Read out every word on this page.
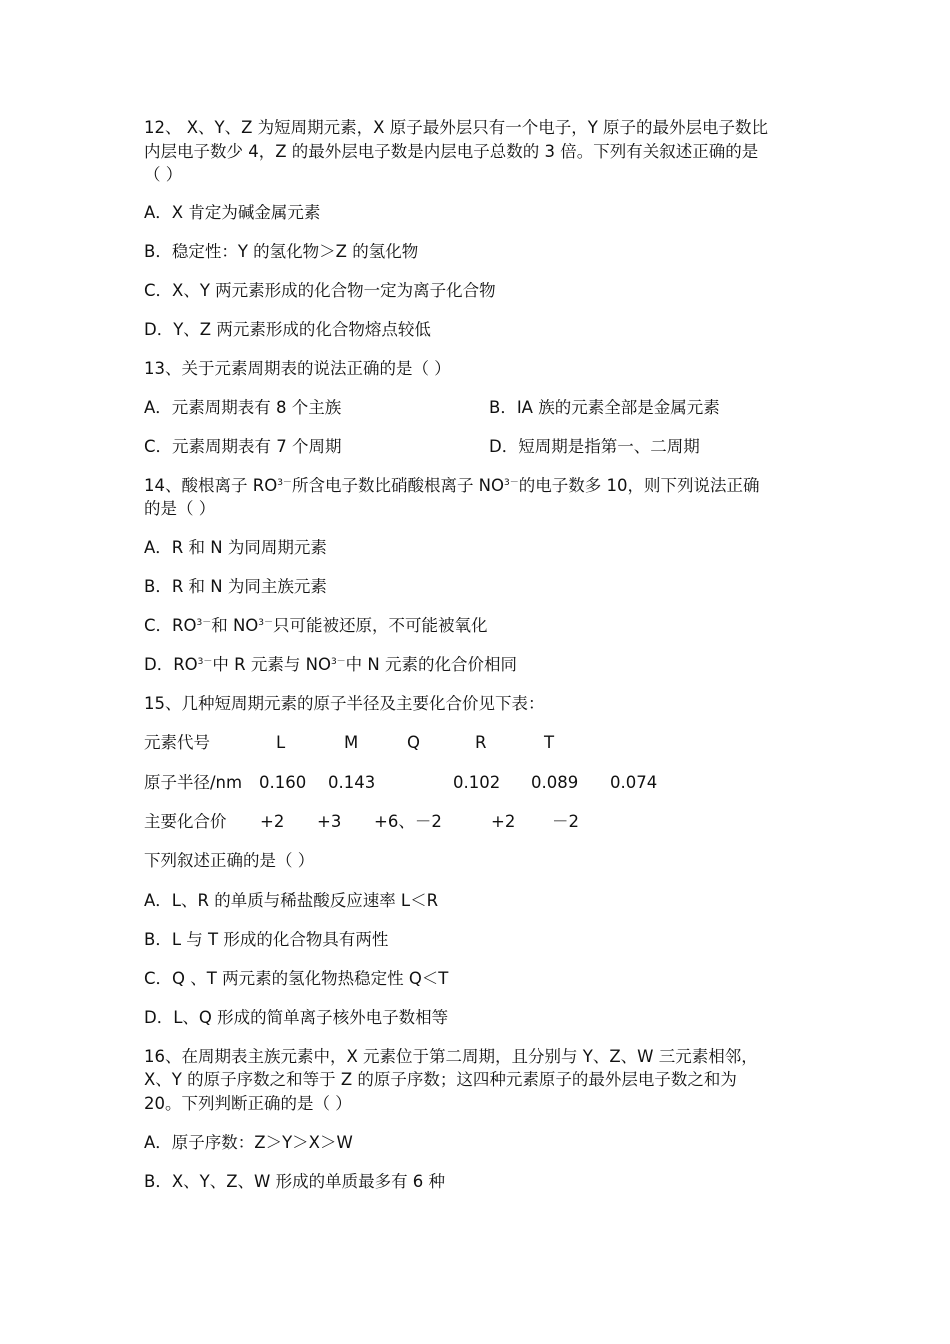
12、 X、Y、Z 为短周期元素，X 原子最外层只有一个电子，Y 原子的最外层电子数比
内层电子数少 4，Z 的最外层电子数是内层电子总数的 3 倍。下列有关叙述正确的是
（ ）
A．X 肯定为碱金属元素
B．稳定性：Y 的氢化物＞Z 的氢化物
C．X、Y 两元素形成的化合物一定为离子化合物
D．Y、Z 两元素形成的化合物熔点较低
13、关于元素周期表的说法正确的是（ ）
A．元素周期表有 8 个主族	B．ⅠA 族的元素全部是金属元素
C．元素周期表有 7 个周期	D．短周期是指第一、二周期
14、酸根离子 $RO^{3-}$所含电子数比硝酸根离子 $NO^{3-}$的电子数多 10，则下列说法正确
的是（ ）
A．R 和 N 为同周期元素
B．R 和 N 为同主族元素
C．$RO^{3-}$和 $NO^{3-}$只可能被还原，不可能被氧化
D．$RO^{3-}$中 R 元素与 $NO^{3-}$中 N 元素的化合价相同
15、几种短周期元素的原子半径及主要化合价见下表：
元素代号	L	M	Q	R	T
原子半径/nm 0.160 0.143	0.102 0.089 0.074
主要化合价 +2 +3 +6、－2	+2 －2
下列叙述正确的是（ ）
A．L、R 的单质与稀盐酸反应速率 L＜R
B．L 与 T 形成的化合物具有两性
C．Q 、T 两元素的氢化物热稳定性 Q＜T
D．L、Q 形成的简单离子核外电子数相等
16、在周期表主族元素中，X 元素位于第二周期，且分别与 Y、Z、W 三元素相邻，
X、Y 的原子序数之和等于 Z 的原子序数；这四种元素原子的最外层电子数之和为
20。下列判断正确的是（ ）
A．原子序数：Z＞Y＞X＞W
B．X、Y、Z、W 形成的单质最多有 6 种
